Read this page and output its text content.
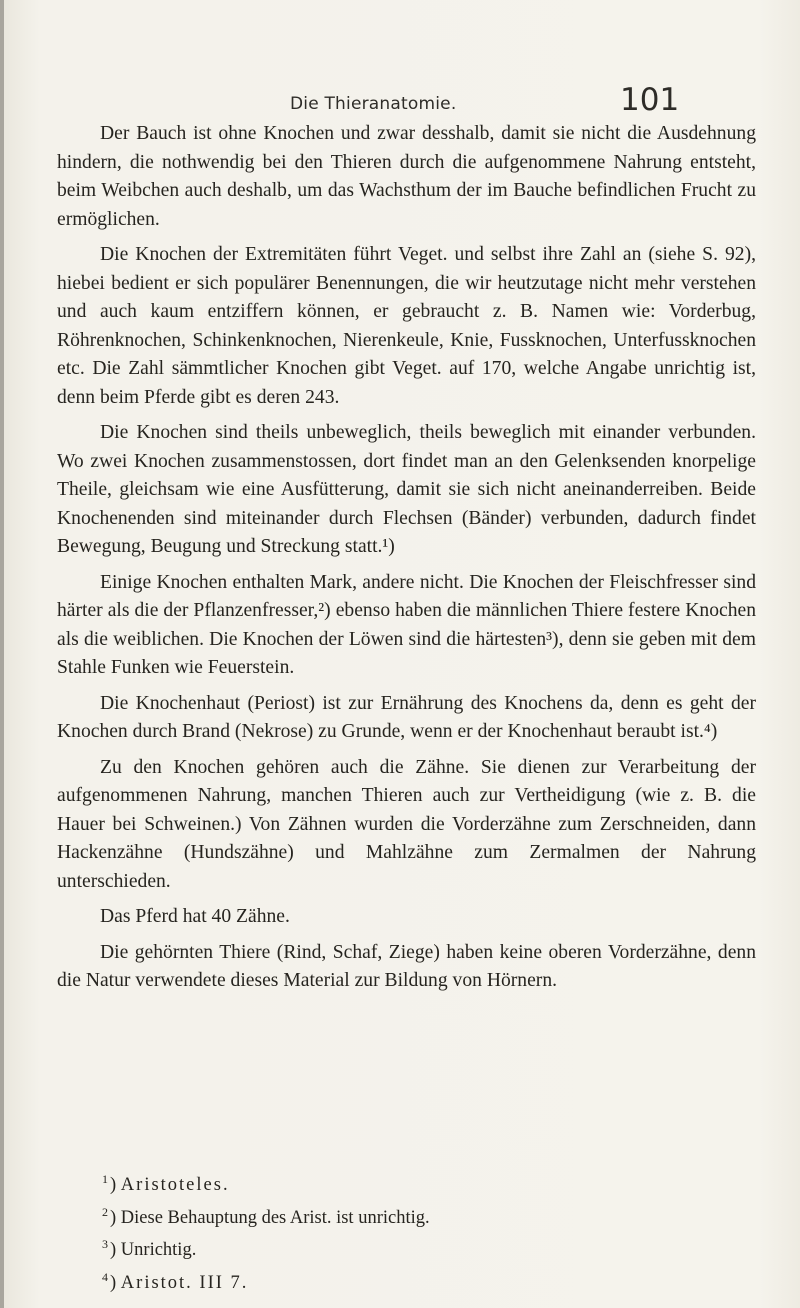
Die Thieranatomie.	101

Der Bauch ist ohne Knochen und zwar desshalb, damit sie nicht die Ausdehnung hindern, die nothwendig bei den Thieren durch die aufgenommene Nahrung entsteht, beim Weibchen auch deshalb, um das Wachsthum der im Bauche befindlichen Frucht zu ermöglichen.

Die Knochen der Extremitäten führt Veget. und selbst ihre Zahl an (siehe S. 92), hiebei bedient er sich populärer Benennungen, die wir heutzutage nicht mehr verstehen und auch kaum entziffern können, er gebraucht z. B. Namen wie: Vorderbug, Röhrenknochen, Schinkenknochen, Nierenkeule, Knie, Fussknochen, Unterfussknochen etc. Die Zahl sämmtlicher Knochen gibt Veget. auf 170, welche Angabe unrichtig ist, denn beim Pferde gibt es deren 243.

Die Knochen sind theils unbeweglich, theils beweglich mit einander verbunden. Wo zwei Knochen zusammenstossen, dort findet man an den Gelenksenden knorpelige Theile, gleichsam wie eine Ausfütterung, damit sie sich nicht aneinanderreiben. Beide Knochenenden sind miteinander durch Flechsen (Bänder) verbunden, dadurch findet Bewegung, Beugung und Streckung statt.¹)

Einige Knochen enthalten Mark, andere nicht. Die Knochen der Fleischfresser sind härter als die der Pflanzenfresser,²) ebenso haben die männlichen Thiere festere Knochen als die weiblichen. Die Knochen der Löwen sind die härtesten³), denn sie geben mit dem Stahle Funken wie Feuerstein.

Die Knochenhaut (Periost) ist zur Ernährung des Knochens da, denn es geht der Knochen durch Brand (Nekrose) zu Grunde, wenn er der Knochenhaut beraubt ist.⁴)

Zu den Knochen gehören auch die Zähne. Sie dienen zur Verarbeitung der aufgenommenen Nahrung, manchen Thieren auch zur Vertheidigung (wie z. B. die Hauer bei Schweinen.) Von Zähnen wurden die Vorderzähne zum Zerschneiden, dann Hackenzähne (Hundszähne) und Mahlzähne zum Zermalmen der Nahrung unterschieden.

Das Pferd hat 40 Zähne.

Die gehörnten Thiere (Rind, Schaf, Ziege) haben keine oberen Vorderzähne, denn die Natur verwendete dieses Material zur Bildung von Hörnern.

$^1$ ) Aristoteles.
$^2$ ) Diese Behauptung des Arist. ist unrichtig.
$^3$ ) Unrichtig.
$^4$ ) Aristot. III 7.
